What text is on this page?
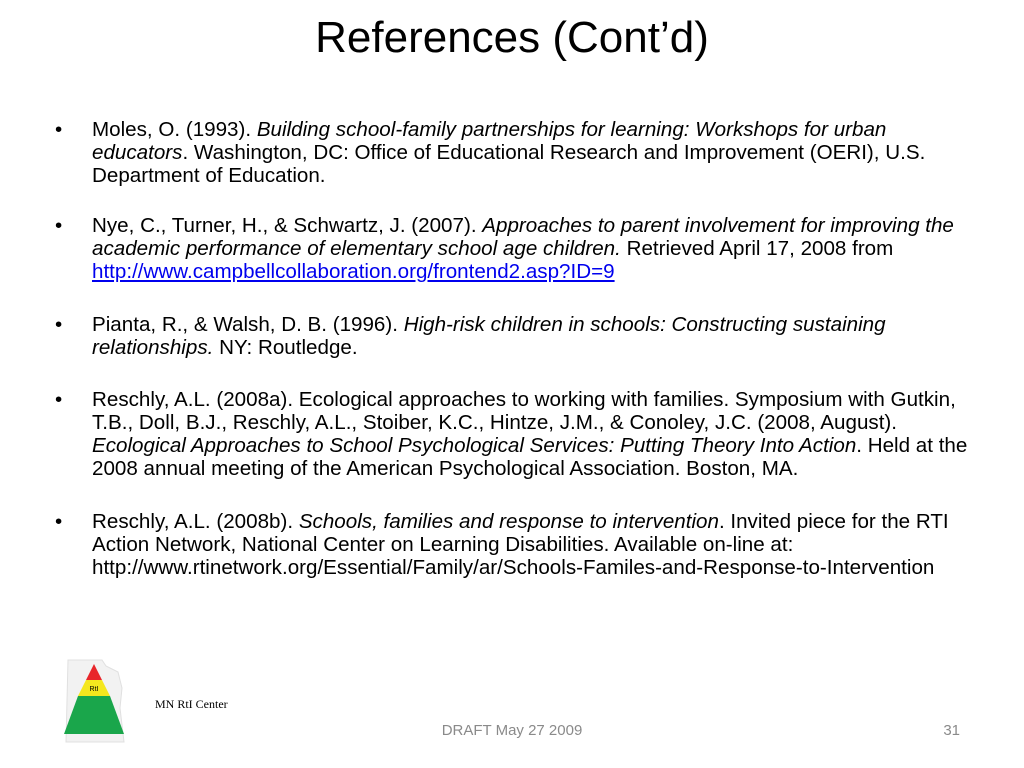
References (Cont’d)
• Moles, O. (1993). Building school-family partnerships for learning: Workshops for urban educators. Washington, DC: Office of Educational Research and Improvement (OERI), U.S. Department of Education.
• Nye, C., Turner, H., & Schwartz, J. (2007). Approaches to parent involvement for improving the academic performance of elementary school age children. Retrieved April 17, 2008 from http://www.campbellcollaboration.org/frontend2.asp?ID=9
• Pianta, R., & Walsh, D. B. (1996). High-risk children in schools: Constructing sustaining relationships. NY: Routledge.
• Reschly, A.L. (2008a). Ecological approaches to working with families. Symposium with Gutkin, T.B., Doll, B.J., Reschly, A.L., Stoiber, K.C., Hintze, J.M., & Conoley, J.C. (2008, August). Ecological Approaches to School Psychological Services: Putting Theory Into Action. Held at the 2008 annual meeting of the American Psychological Association. Boston, MA.
• Reschly, A.L. (2008b). Schools, families and response to intervention. Invited piece for the RTI Action Network, National Center on Learning Disabilities. Available on-line at: http://www.rtinetwork.org/Essential/Family/ar/Schools-Familes-and-Response-to-Intervention
RtI
MN RtI Center
DRAFT May 27 2009	31
